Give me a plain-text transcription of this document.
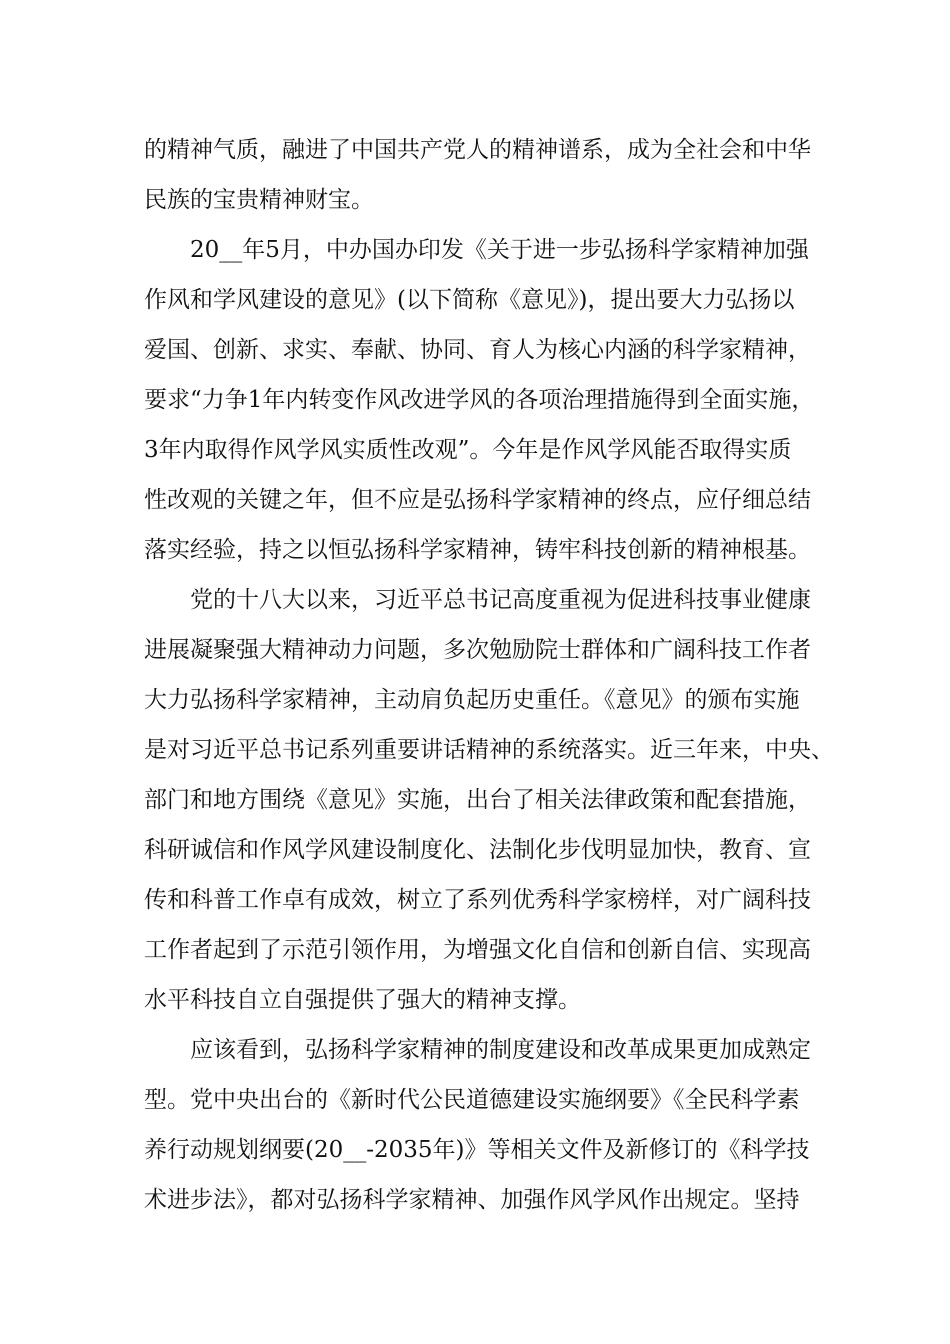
的精神气质，融进了中国共产党人的精神谱系，成为全社会和中华

民族的宝贵精神财宝。

20__年5月，中办国办印发《关于进一步弘扬科学家精神加强

作风和学风建设的意见》(以下简称《意见》)，提出要大力弘扬以

爱国、创新、求实、奉献、协同、育人为核心内涵的科学家精神，

要求“力争1年内转变作风改进学风的各项治理措施得到全面实施，

3年内取得作风学风实质性改观”。今年是作风学风能否取得实质

性改观的关键之年，但不应是弘扬科学家精神的终点，应仔细总结

落实经验，持之以恒弘扬科学家精神，铸牢科技创新的精神根基。

党的十八大以来，习近平总书记高度重视为促进科技事业健康

进展凝聚强大精神动力问题，多次勉励院士群体和广阔科技工作者

大力弘扬科学家精神，主动肩负起历史重任。《意见》的颁布实施

是对习近平总书记系列重要讲话精神的系统落实。近三年来，中央、

部门和地方围绕《意见》实施，出台了相关法律政策和配套措施，

科研诚信和作风学风建设制度化、法制化步伐明显加快，教育、宣

传和科普工作卓有成效，树立了系列优秀科学家榜样，对广阔科技

工作者起到了示范引领作用，为增强文化自信和创新自信、实现高

水平科技自立自强提供了强大的精神支撑。

应该看到，弘扬科学家精神的制度建设和改革成果更加成熟定

型。党中央出台的《新时代公民道德建设实施纲要》《全民科学素

养行动规划纲要(20__-2035年)》等相关文件及新修订的《科学技

术进步法》，都对弘扬科学家精神、加强作风学风作出规定。坚持
